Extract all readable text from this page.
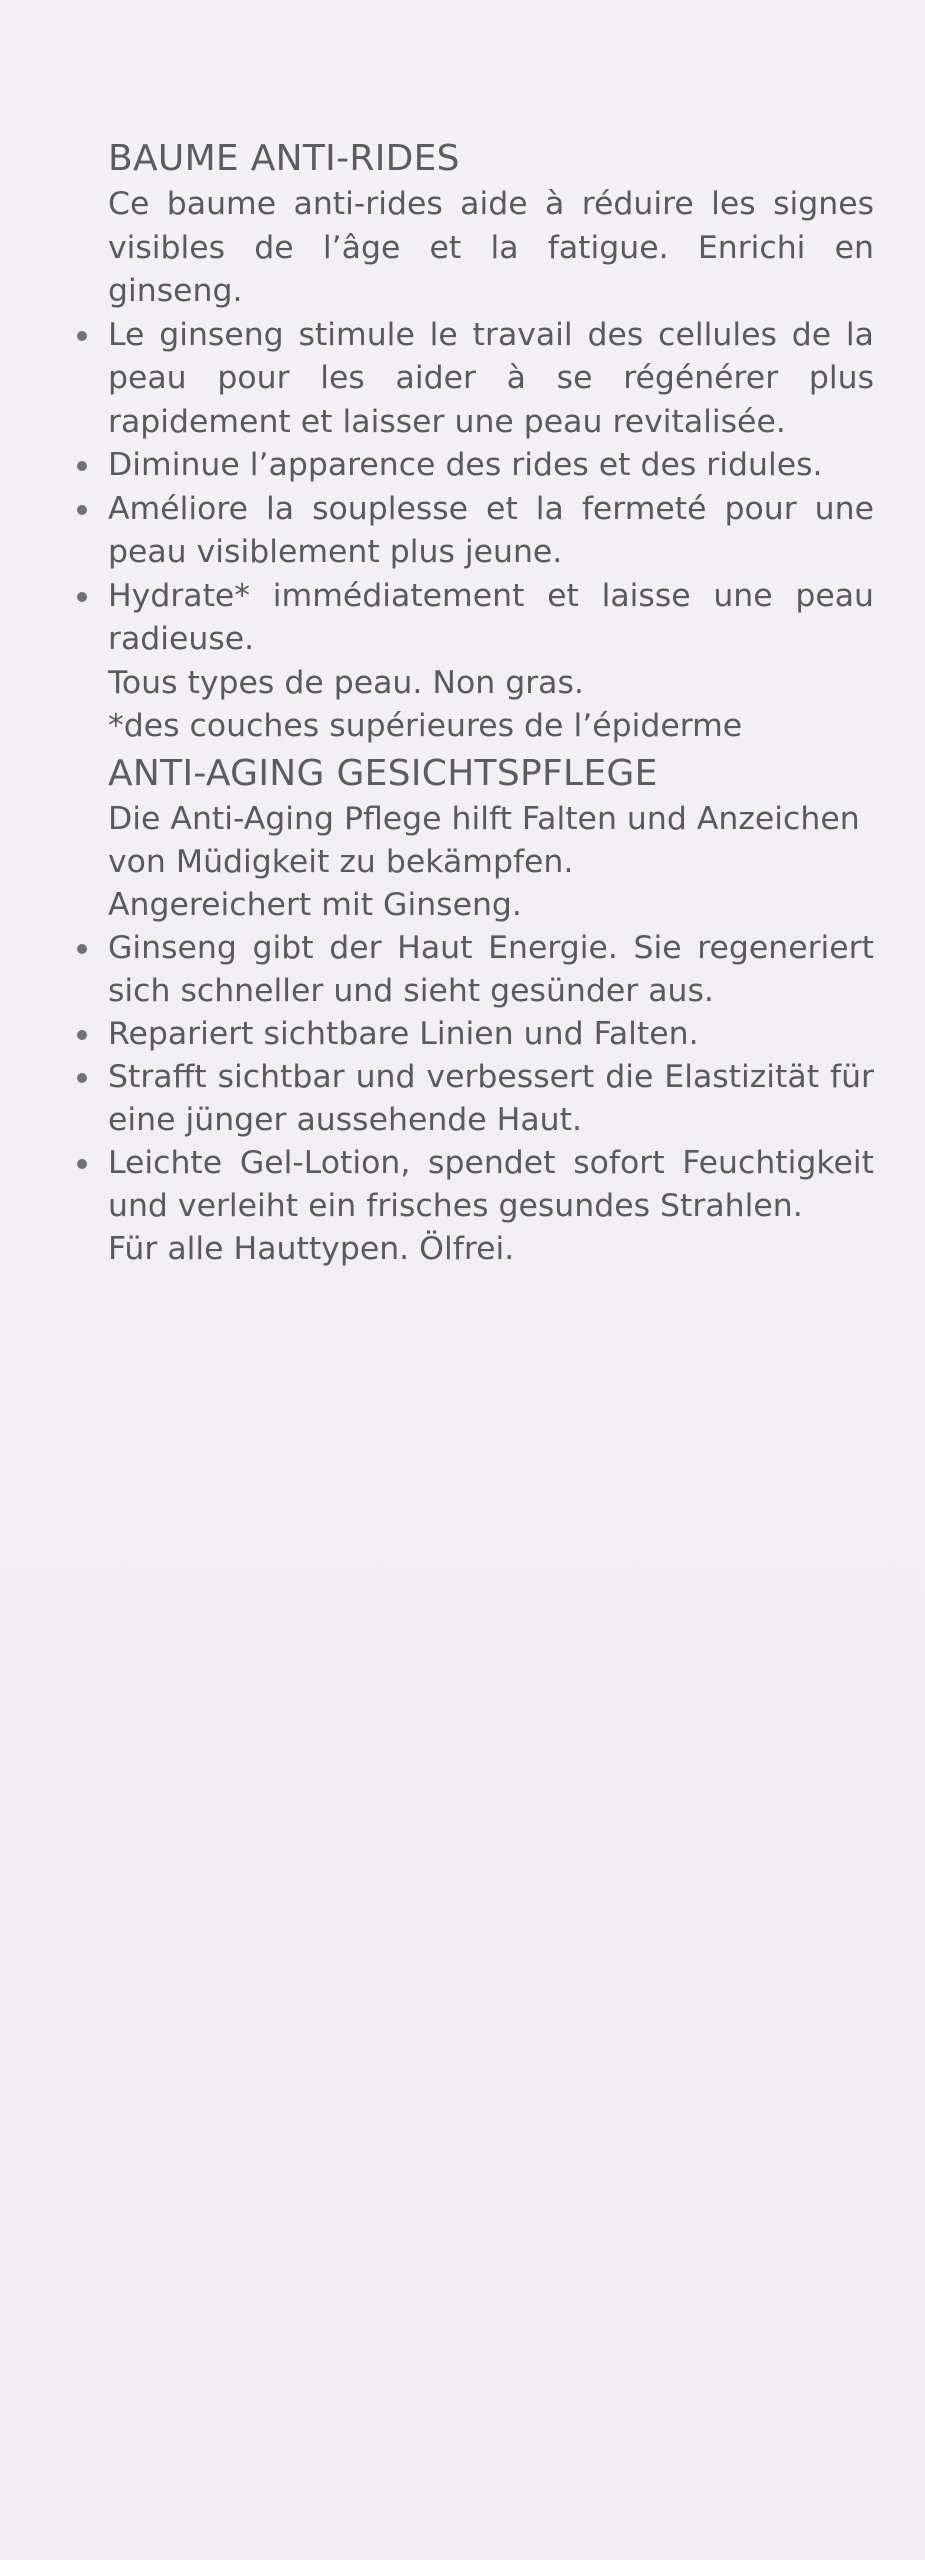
BAUME ANTI-RIDES

Ce baume anti-rides aide à réduire les signes visibles de l’âge et la fatigue. Enrichi en ginseng.

Le ginseng stimule le travail des cellules de la peau pour les aider à se régénérer plus rapidement et laisser une peau revitalisée.
Diminue l’apparence des rides et des ridules.
Améliore la souplesse et la fermeté pour une peau visiblement plus jeune.
Hydrate* immédiatement et laisse une peau radieuse.

Tous types de peau. Non gras.

*des couches supérieures de l’épiderme

ANTI-AGING GESICHTSPFLEGE

Die Anti-Aging Pflege hilft Falten und Anzeichen von Müdigkeit zu bekämpfen.

Angereichert mit Ginseng.

Ginseng gibt der Haut Energie. Sie regeneriert sich schneller und sieht gesünder aus.
Repariert sichtbare Linien und Falten.
Strafft sichtbar und verbessert die Elastizität für eine jünger aussehende Haut.
Leichte Gel-Lotion, spendet sofort Feuchtigkeit und verleiht ein frisches gesundes Strahlen.

Für alle Hauttypen. Ölfrei.
